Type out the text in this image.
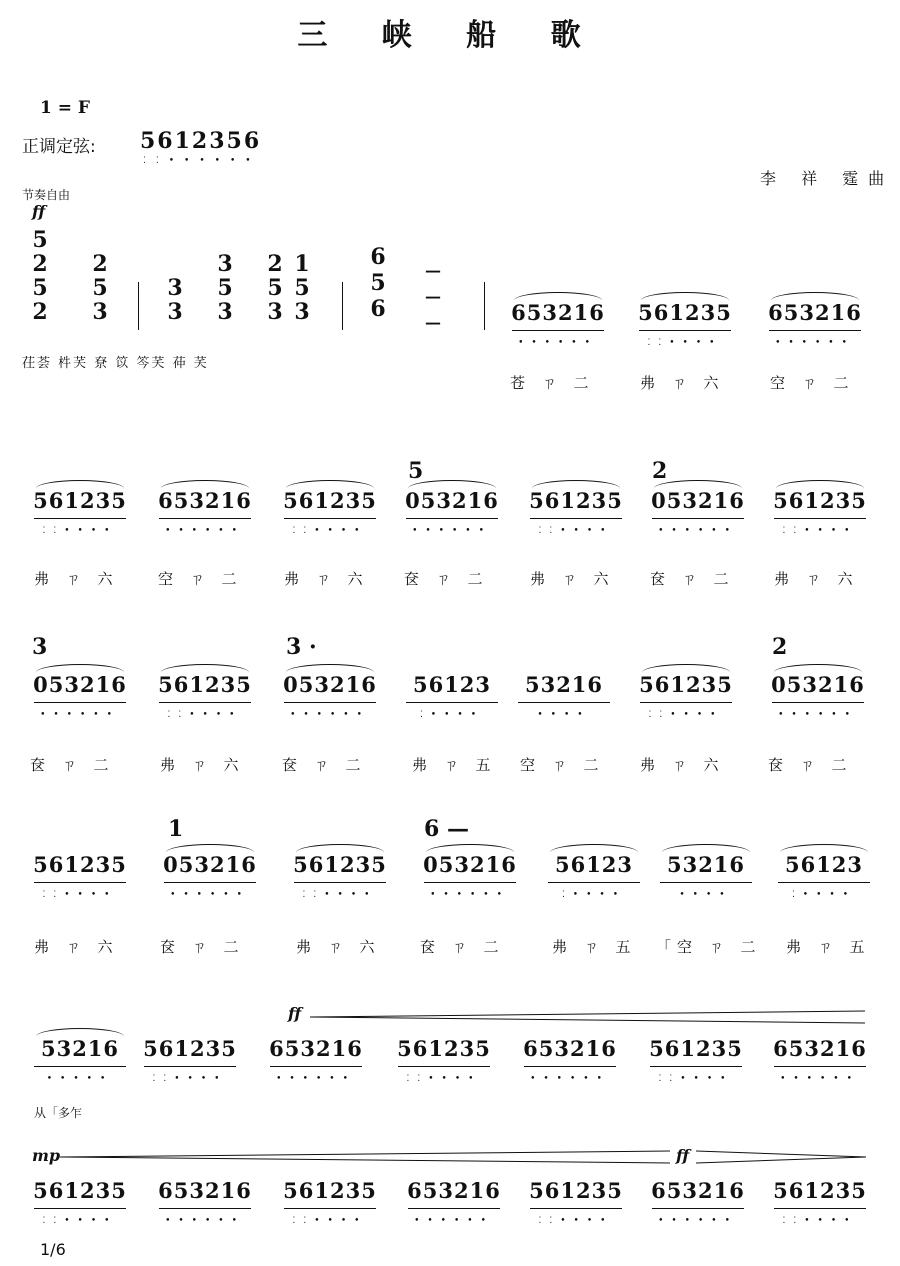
三 峡 船 歌
1 = F
正调定弦: 5612356
⁚⁚••••••
李 祥 霆曲
节奏自由
ff
5
2
5
2
2
5
3
3
3
3
5
3
2
5
3
1
5
3
6
5
6
—
—
—
茌荟 㭌芺 尞 笖 笒芺 茽 芺
653216
••••••
561235
⁚⁚••••
653216
••••••
苍 ㄗ 二	弗 ㄗ 六	空 ㄗ 二
5	2
561235
⁚⁚••••
653216
••••••
561235
⁚⁚••••
053216
••••••
561235
⁚⁚••••
053216
••••••
561235
⁚⁚••••
弗 ㄗ 六	空 ㄗ 二	弗 ㄗ 六 奁 ㄗ 二	弗 ㄗ 六 奁 ㄗ 二	弗 ㄗ 六
3	3 ·	2
053216
••••••
561235
⁚⁚••••
053216
••••••
56123
⁚••••
53216
••••
561235
⁚⁚••••
053216
••••••
奁 ㄗ 二	弗 ㄗ 六 奁 ㄗ 二	弗 ㄗ 五 空 ㄗ 二 弗 ㄗ 六	奁 ㄗ 二
1	6 —
561235
⁚⁚••••
053216
••••••
561235
⁚⁚••••
053216
••••••
56123
⁚••••
53216
••••
56123
⁚••••
弗 ㄗ 六	奁 ㄗ 二	弗 ㄗ 六	奁 ㄗ 二	弗 ㄗ 五 「空 ㄗ 二 弗 ㄗ 五
ff
53216
•••••
561235
⁚⁚••••
653216
••••••
561235
⁚⁚••••
653216
••••••
561235
⁚⁚••••
653216
••••••
从「多乍
mp	ff
561235
⁚⁚••••
653216
••••••
561235
⁚⁚••••
653216
••••••
561235
⁚⁚••••
653216
••••••
561235
⁚⁚••••
1/6
